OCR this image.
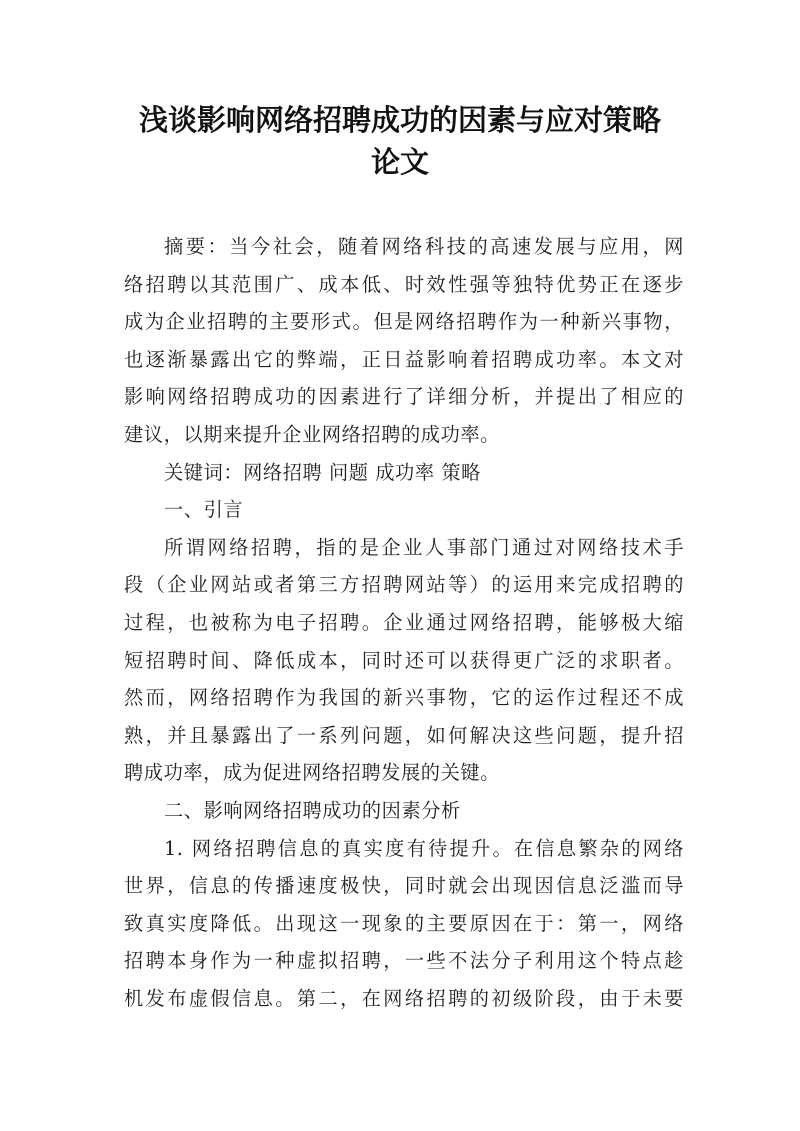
浅谈影响网络招聘成功的因素与应对策略
论文
摘要：当今社会，随着网络科技的高速发展与应用，网
络招聘以其范围广、成本低、时效性强等独特优势正在逐步
成为企业招聘的主要形式。但是网络招聘作为一种新兴事物，
也逐渐暴露出它的弊端，正日益影响着招聘成功率。本文对
影响网络招聘成功的因素进行了详细分析，并提出了相应的
建议，以期来提升企业网络招聘的成功率。
关键词：网络招聘 问题 成功率 策略
一、引言
所谓网络招聘，指的是企业人事部门通过对网络技术手
段（企业网站或者第三方招聘网站等）的运用来完成招聘的
过程，也被称为电子招聘。企业通过网络招聘，能够极大缩
短招聘时间、降低成本，同时还可以获得更广泛的求职者。
然而，网络招聘作为我国的新兴事物，它的运作过程还不成
熟，并且暴露出了一系列问题，如何解决这些问题，提升招
聘成功率，成为促进网络招聘发展的关键。
二、影响网络招聘成功的因素分析
1. 网络招聘信息的真实度有待提升。在信息繁杂的网络
世界，信息的传播速度极快，同时就会出现因信息泛滥而导
致真实度降低。出现这一现象的主要原因在于：第一，网络
招聘本身作为一种虚拟招聘，一些不法分子利用这个特点趁
机发布虚假信息。第二，在网络招聘的初级阶段，由于未要
